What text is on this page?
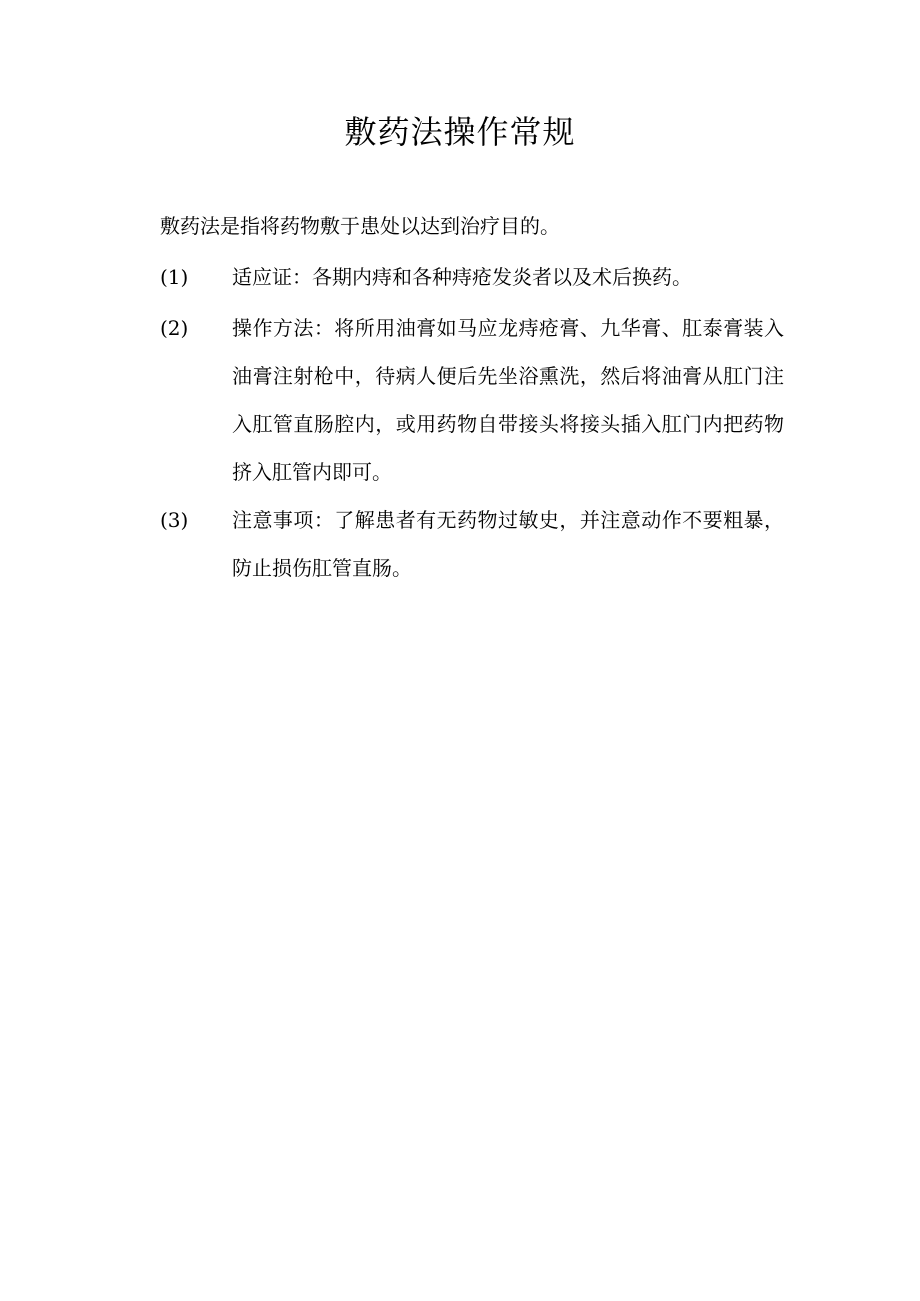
敷药法操作常规

敷药法是指将药物敷于患处以达到治疗目的。

(1)	适应证：各期内痔和各种痔疮发炎者以及术后换药。
(2)	操作方法：将所用油膏如马应龙痔疮膏、九华膏、肛泰膏装入油膏注射枪中，待病人便后先坐浴熏洗，然后将油膏从肛门注入肛管直肠腔内，或用药物自带接头将接头插入肛门内把药物挤入肛管内即可。
(3)	注意事项：了解患者有无药物过敏史，并注意动作不要粗暴，防止损伤肛管直肠。
